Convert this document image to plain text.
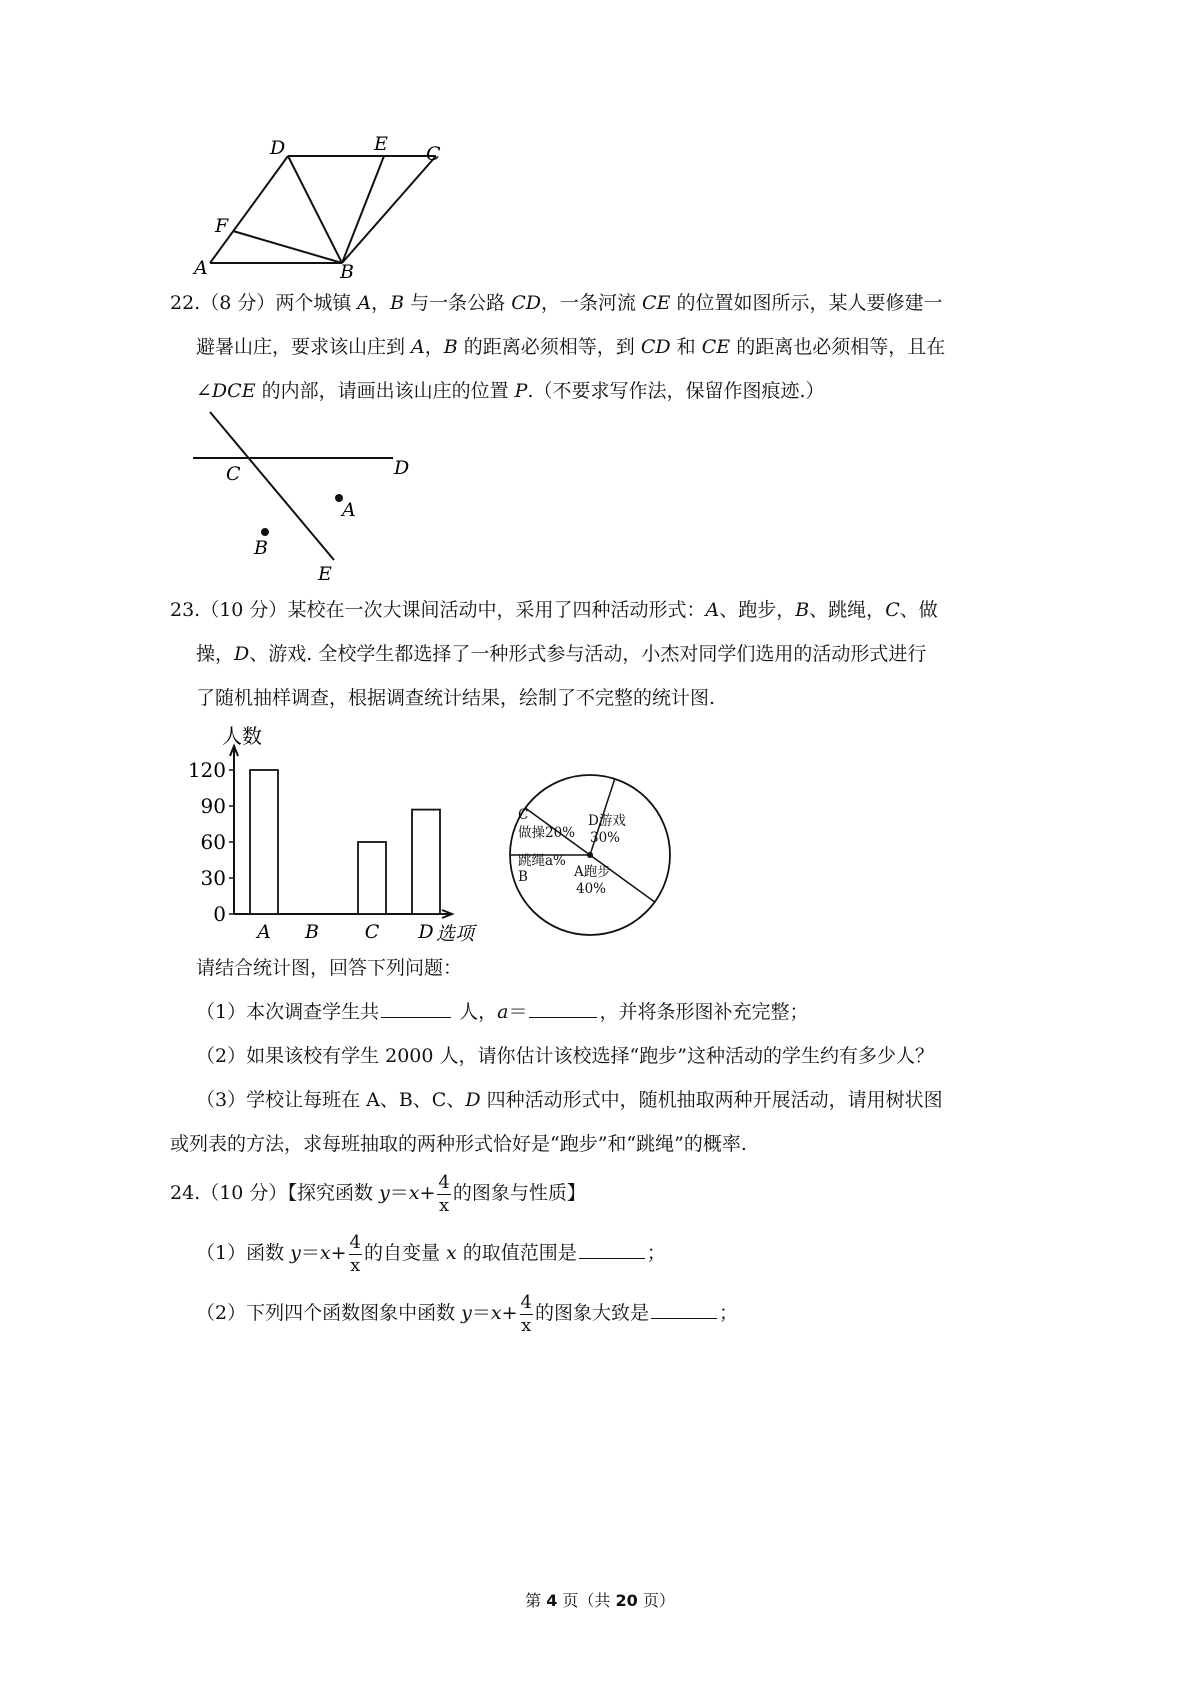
D	E C
F
A	B
22.（8 分）两个城镇 A，B 与一条公路 CD，一条河流 CE 的位置如图所示，某人要修建一
避暑山庄，要求该山庄到 A，B 的距离必须相等，到 CD 和 CE 的距离也必须相等，且在
∠DCE 的内部，请画出该山庄的位置 P.（不要求写作法，保留作图痕迹.）
C	D
A
B
E
23.（10 分）某校在一次大课间活动中，采用了四种活动形式：A、跑步，B、跳绳，C、做
操，D、游戏. 全校学生都选择了一种形式参与活动，小杰对同学们选用的活动形式进行
了随机抽样调查，根据调查统计结果，绘制了不完整的统计图.
0
30
60
90
120
A B C D
人数
选项
D游戏
30%
A跑步
40%
跳绳a%
B
C
做操20%
请结合统计图，回答下列问题：
（1）本次调查学生共	人，a＝	，并将条形图补充完整；
（2）如果该校有学生 2000 人，请你估计该校选择“跑步”这种活动的学生约有多少人？
（3）学校让每班在 A、B、C、D 四种活动形式中，随机抽取两种开展活动，请用树状图
或列表的方法，求每班抽取的两种形式恰好是“跑步”和“跳绳”的概率.
24.（10 分）【探究函数 $y=x+ \frac{4}{x}$ 的图象与性质】
（1）函数 $y=x+ \frac{4}{x}$ 的自变量 x 的取值范围是	；
（2）下列四个函数图象中函数 $y=x+ \frac{4}{x}$ 的图象大致是	；
第 4 页（共 20 页）
